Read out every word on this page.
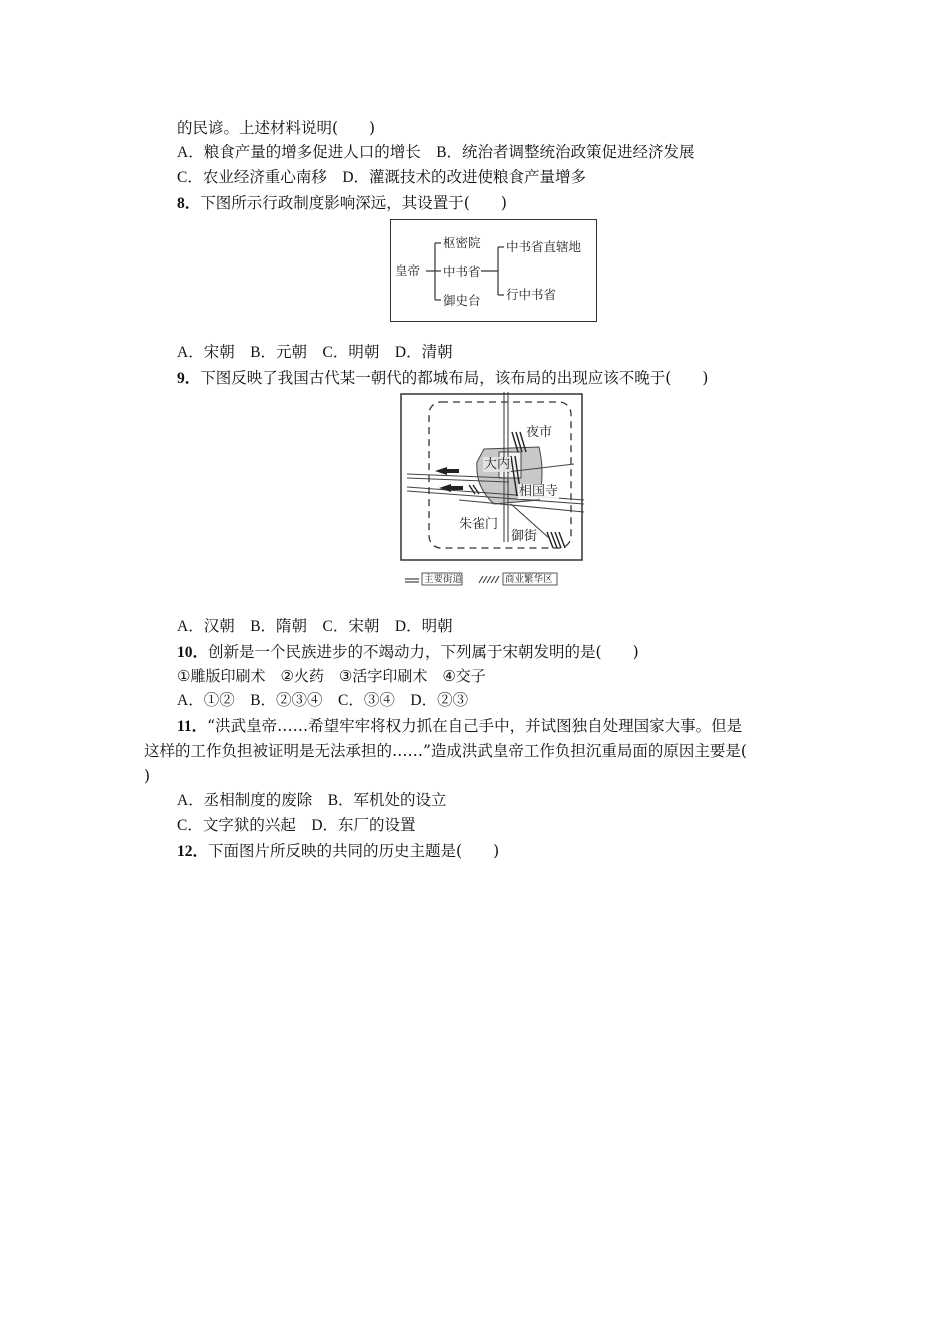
的民谚。上述材料说明(　　)
A．粮食产量的增多促进人口的增长　B．统治者调整统治政策促进经济发展
C．农业经济重心南移　D．灌溉技术的改进使粮食产量增多
8．下图所示行政制度影响深远，其设置于(　　)
皇帝
枢密院
中书省
御史台
中书省直辖地
行中书省
A．宋朝　B．元朝　C．明朝　D．清朝
9．下图反映了我国古代某一朝代的都城布局，该布局的出现应该不晚于(　　)
夜市
大内
相国寺
朱雀门
御街
主要街道	商业繁华区
A．汉朝　B．隋朝　C．宋朝　D．明朝
10．创新是一个民族进步的不竭动力，下列属于宋朝发明的是(　　)
①雕版印刷术　②火药　③活字印刷术　④交子
A．①②　B．②③④　C．③④　D．②③
11．“洪武皇帝……希望牢牢将权力抓在自己手中，并试图独自处理国家大事。但是
这样的工作负担被证明是无法承担的……”造成洪武皇帝工作负担沉重局面的原因主要是(
)
A．丞相制度的废除　B．军机处的设立
C．文字狱的兴起　D．东厂的设置
12．下面图片所反映的共同的历史主题是(　　)
